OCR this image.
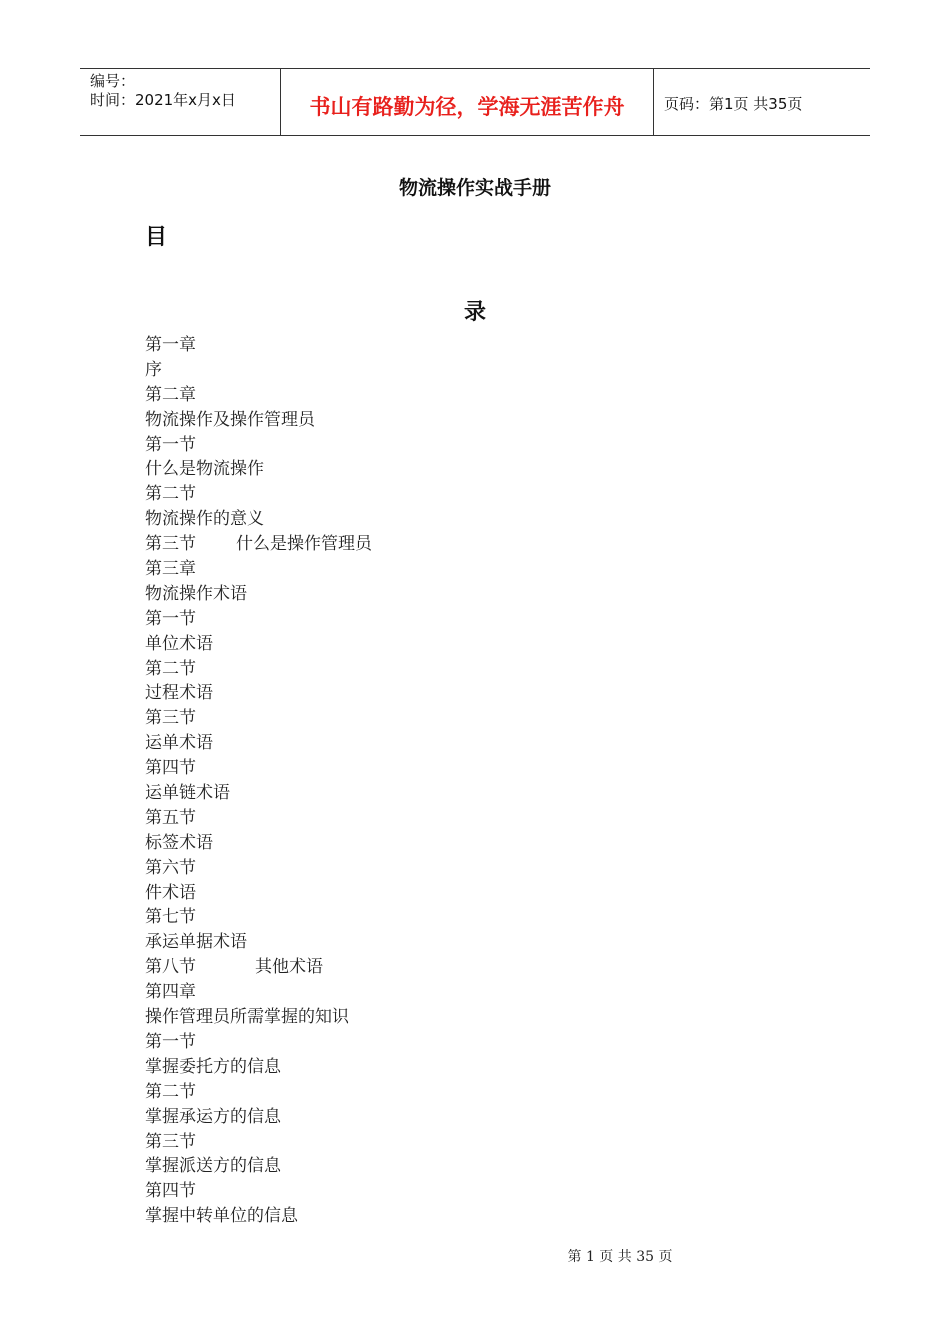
编号：
时间：2021年x月x日	书山有路勤为径，学海无涯苦作舟	页码：第1页 共35页
物流操作实战手册
目
录
第一章
序
第二章
物流操作及操作管理员
第一节
什么是物流操作
第二节
物流操作的意义
第三节 什么是操作管理员
第三章
物流操作术语
第一节
单位术语
第二节
过程术语
第三节
运单术语
第四节
运单链术语
第五节
标签术语
第六节
件术语
第七节
承运单据术语
第八节	其他术语
第四章
操作管理员所需掌握的知识
第一节
掌握委托方的信息
第二节
掌握承运方的信息
第三节
掌握派送方的信息
第四节
掌握中转单位的信息
第 1 页 共 35 页
